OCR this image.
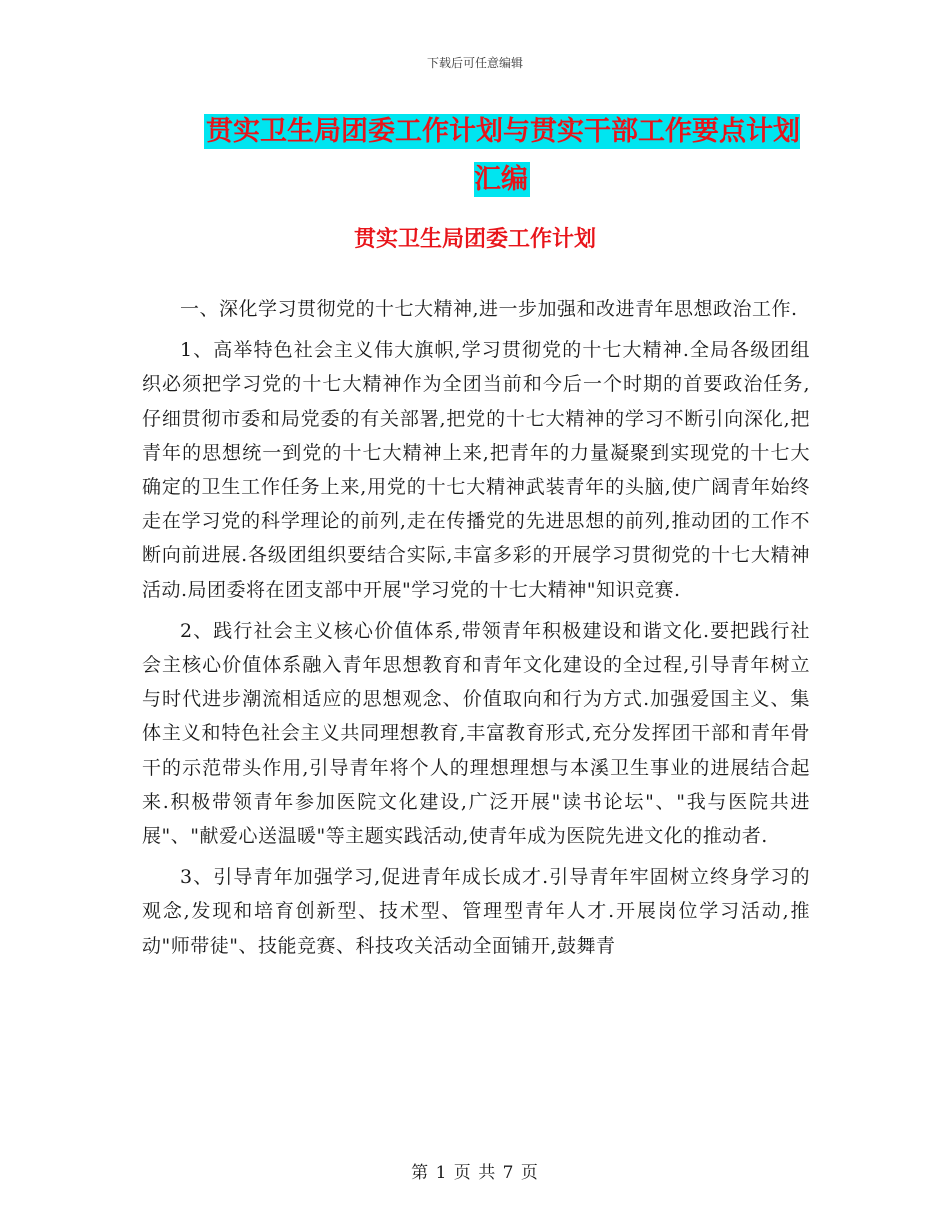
下载后可任意编辑
贯实卫生局团委工作计划与贯实干部工作要点计划汇编
贯实卫生局团委工作计划

一、深化学习贯彻党的十七大精神,进一步加强和改进青年思想政治工作.

1、高举特色社会主义伟大旗帜,学习贯彻党的十七大精神.全局各级团组织必须把学习党的十七大精神作为全团当前和今后一个时期的首要政治任务,仔细贯彻市委和局党委的有关部署,把党的十七大精神的学习不断引向深化,把青年的思想统一到党的十七大精神上来,把青年的力量凝聚到实现党的十七大确定的卫生工作任务上来,用党的十七大精神武装青年的头脑,使广阔青年始终走在学习党的科学理论的前列,走在传播党的先进思想的前列,推动团的工作不断向前进展.各级团组织要结合实际,丰富多彩的开展学习贯彻党的十七大精神活动.局团委将在团支部中开展"学习党的十七大精神"知识竞赛.

2、践行社会主义核心价值体系,带领青年积极建设和谐文化.要把践行社会主核心价值体系融入青年思想教育和青年文化建设的全过程,引导青年树立与时代进步潮流相适应的思想观念、价值取向和行为方式.加强爱国主义、集体主义和特色社会主义共同理想教育,丰富教育形式,充分发挥团干部和青年骨干的示范带头作用,引导青年将个人的理想理想与本溪卫生事业的进展结合起来.积极带领青年参加医院文化建设,广泛开展"读书论坛"、"我与医院共进展"、"献爱心送温暖"等主题实践活动,使青年成为医院先进文化的推动者.

3、引导青年加强学习,促进青年成长成才.引导青年牢固树立终身学习的观念,发现和培育创新型、技术型、管理型青年人才.开展岗位学习活动,推动"师带徒"、技能竞赛、科技攻关活动全面铺开,鼓舞青

第 1 页 共 7 页
